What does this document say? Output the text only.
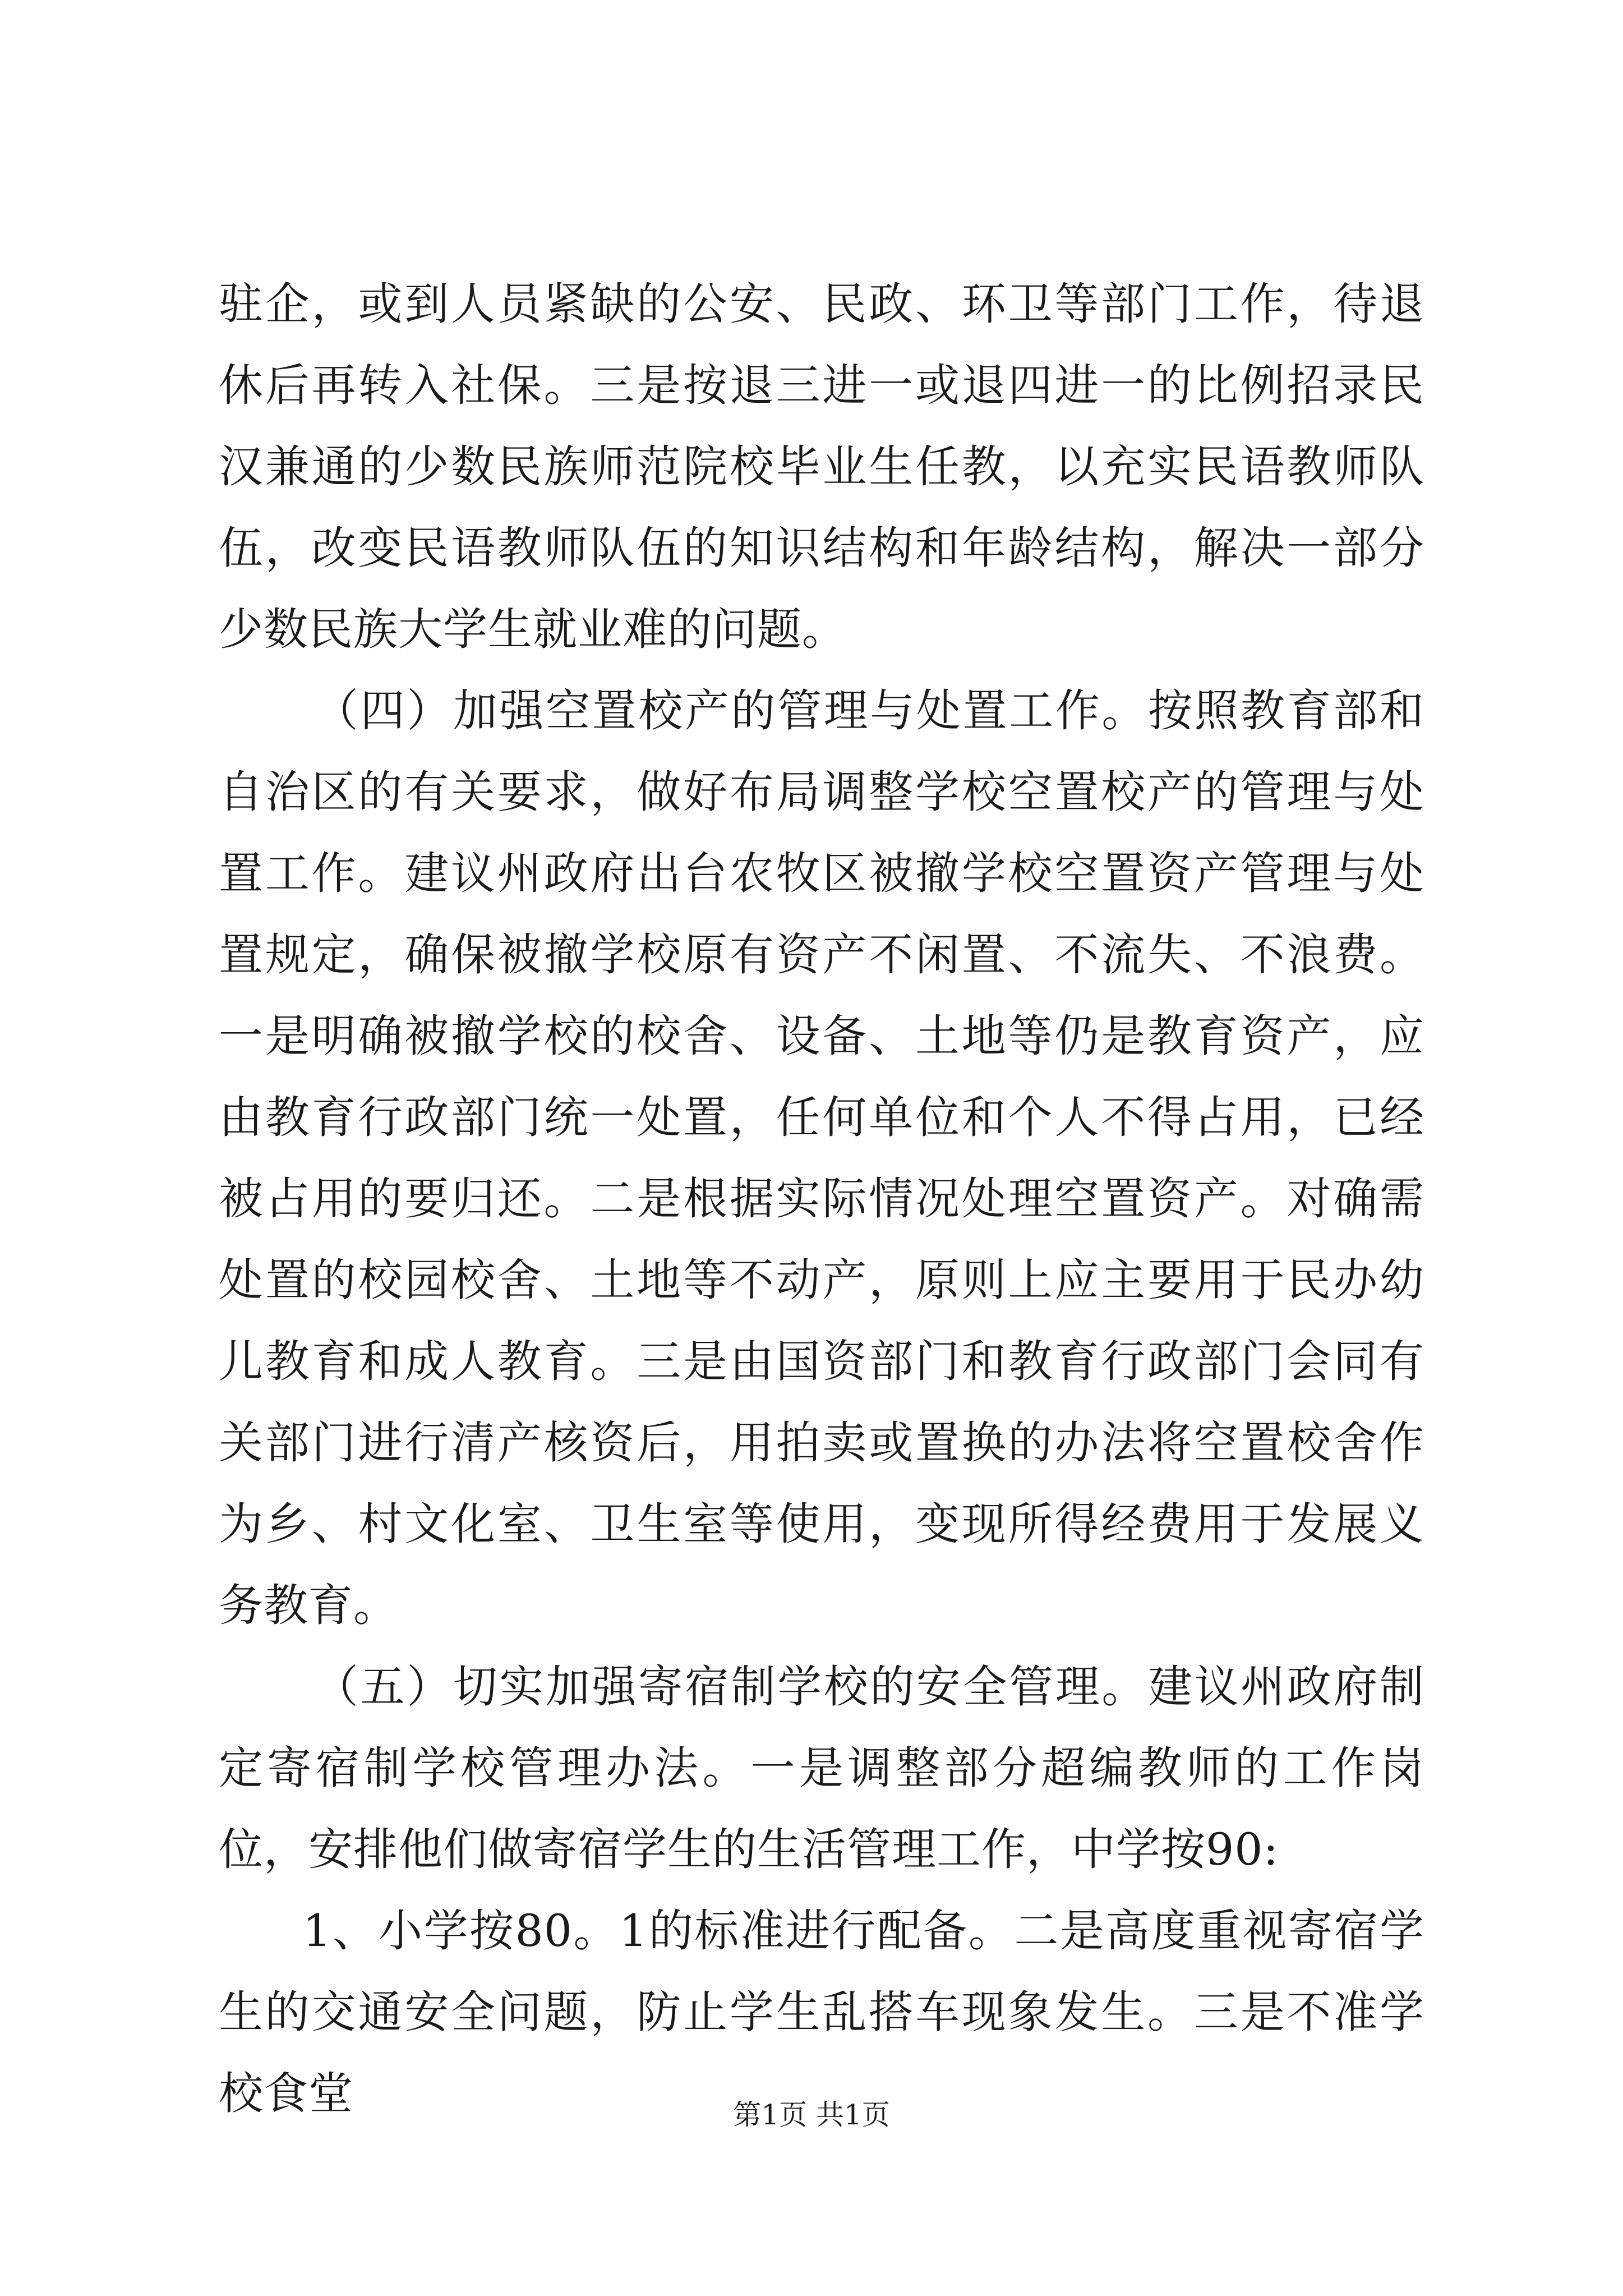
驻企，或到人员紧缺的公安、民政、环卫等部门工作，待退休后再转入社保。三是按退三进一或退四进一的比例招录民汉兼通的少数民族师范院校毕业生任教，以充实民语教师队伍，改变民语教师队伍的知识结构和年龄结构，解决一部分少数民族大学生就业难的问题。

（四）加强空置校产的管理与处置工作。按照教育部和自治区的有关要求，做好布局调整学校空置校产的管理与处置工作。建议州政府出台农牧区被撤学校空置资产管理与处置规定，确保被撤学校原有资产不闲置、不流失、不浪费。一是明确被撤学校的校舍、设备、土地等仍是教育资产，应由教育行政部门统一处置，任何单位和个人不得占用，已经被占用的要归还。二是根据实际情况处理空置资产。对确需处置的校园校舍、土地等不动产，原则上应主要用于民办幼儿教育和成人教育。三是由国资部门和教育行政部门会同有关部门进行清产核资后，用拍卖或置换的办法将空置校舍作为乡、村文化室、卫生室等使用，变现所得经费用于发展义务教育。

（五）切实加强寄宿制学校的安全管理。建议州政府制定寄宿制学校管理办法。一是调整部分超编教师的工作岗位，安排他们做寄宿学生的生活管理工作，中学按90:

1、小学按80。1的标准进行配备。二是高度重视寄宿学生的交通安全问题，防止学生乱搭车现象发生。三是不准学校食堂	第1页 共1页
